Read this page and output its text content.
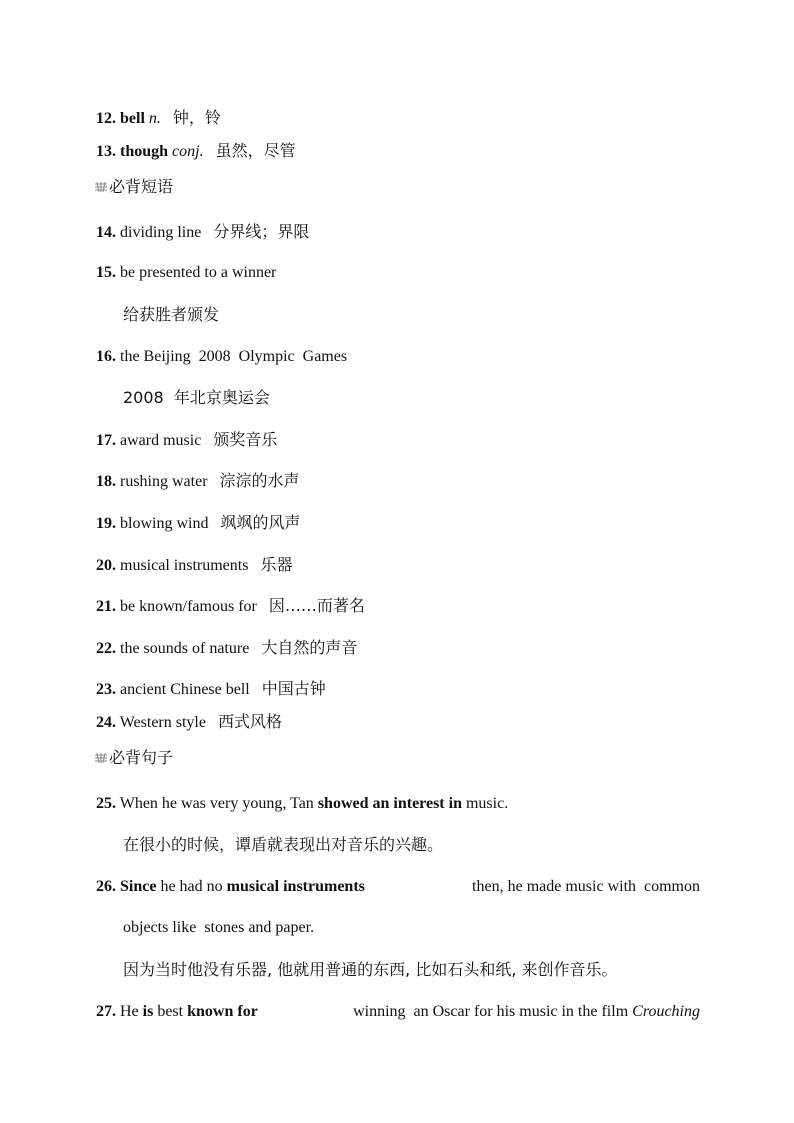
12. bell n. 钟，铃
13. though conj. 虽然，尽管
必背短语
14. dividing line 分界线；界限
15. be presented to a winner
给获胜者颁发
16. the Beijing  2008  Olympic  Games
2008  年北京奥运会
17. award music 颁奖音乐
18. rushing water 淙淙的水声
19. blowing wind 飒飒的风声
20. musical instruments 乐器
21. be known/famous for 因……而著名
22. the sounds of nature 大自然的声音
23. ancient Chinese bell 中国古钟
24. Western style 西式风格
必背句子
25. When he was very young, Tan showed an interest in music.
在很小的时候，谭盾就表现出对音乐的兴趣。
26. Since he had no musical instruments	then, he made music with  common
objects like  stones and paper.
因为当时他没有乐器, 他就用普通的东西, 比如石头和纸, 来创作音乐。
27. He is best known for	winning  an Oscar for his music in the film Crouching
